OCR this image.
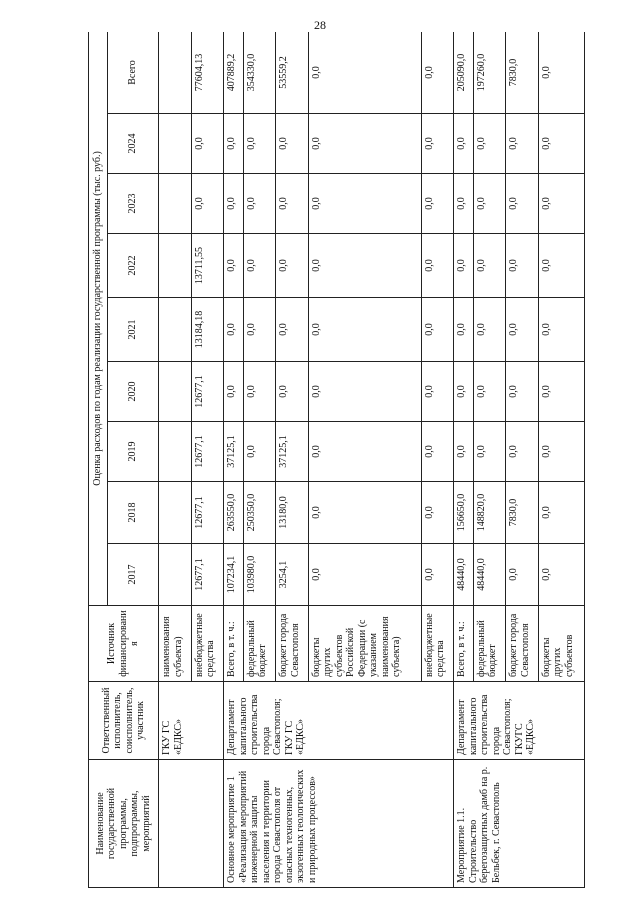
28
Наименование государственной программы, подпрограммы, мероприятий	Ответственный исполнитель, соисполнитель, участник	Источник финансирования	Оценка расходов по годам реализации государственной программы (тыс. руб.)								
			2017	2018	2019	2020	2021	2022	2023	2024	Всего
	ГКУ ГС «ЕДКС»	наименования субъекта)									
		внебюджетные средства	12677,1	12677,1	12677,1	12677,1	13184,18	13711,55	0,0	0,0	77604,13
Основное мероприятие 1 «Реализация мероприятий инженерной защиты населения и территории города Севастополя от опасных техногенных, экзогенных геологических и природных процессов»	Департамент капитального строительства города Севастополя; ГКУ ГС «ЕДКС»	Всего, в т. ч.:	107234,1	263550,0	37125,1	0,0	0,0	0,0	0,0	0,0	407889,2
		федеральный бюджет	103980,0	250350,0	0,0	0,0	0,0	0,0	0,0	0,0	354330,0
		бюджет города Севастополя	3254,1	13180,0	37125,1	0,0	0,0	0,0	0,0	0,0	53559,2
		бюджеты других субъектов Российской Федерации (с указанием наименования субъекта)	0,0	0,0	0,0	0,0	0,0	0,0	0,0	0,0	0,0
		внебюджетные средства	0,0	0,0	0,0	0,0	0,0	0,0	0,0	0,0	0,0
Мероприятие 1.1. Строительство берегозащитных дамб на р. Бельбек, г. Севастополь	Департамент капитального строительства города Севастополя; ГКУГС «ЕДКС»	Всего, в т. ч.:	48440,0	156650,0	0,0	0,0	0,0	0,0	0,0	0,0	205090,0
		федеральный бюджет	48440,0	148820,0	0,0	0,0	0,0	0,0	0,0	0,0	197260,0
		бюджет города Севастополя	0,0	7830,0	0,0	0,0	0,0	0,0	0,0	0,0	7830,0
		бюджеты других субъектов	0,0	0,0	0,0	0,0	0,0	0,0	0,0	0,0	0,0
